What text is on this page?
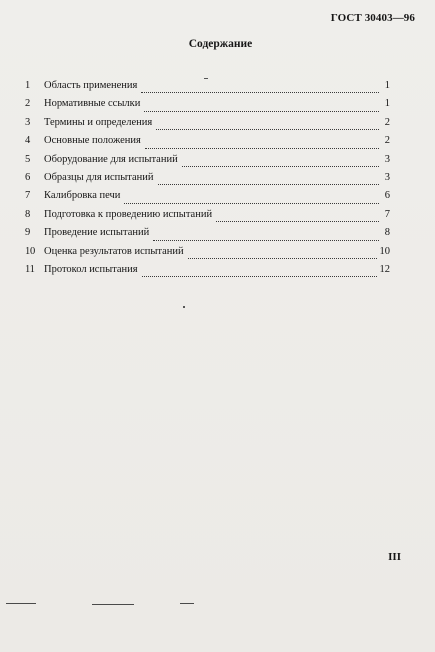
ГОСТ 30403—96
Содержание
1	Область применения	1
2	Нормативные ссылки	1
3	Термины и определения	2
4	Основные положения	2
5	Оборудование для испытаний	3
6	Образцы для испытаний	3
7	Калибровка печи	6
8	Подготовка к проведению испытаний	7
9	Проведение испытаний	8
10 Оценка результатов испытаний	10
11 Протокол испытания	12
III
